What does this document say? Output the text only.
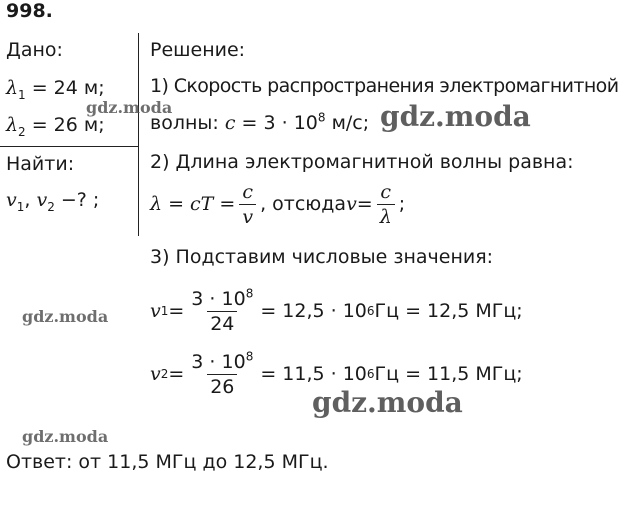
998.
Дано:
$\lambda_1 = 24$ м;
$\lambda_2 = 26$ м;
Найти:
$v_1$, $v_2$ −? ;
Решение:
1) Скорость распространения электромагнитной
волны: $c = 3 \cdot 10^8$ м/с;
2) Длина электромагнитной волны равна:
λ = cT = $\frac{c}{v}$ , отсюда $v = \frac{c}{\lambda}$ ;
3) Подставим числовые значения:
v $1 = \frac{3 \cdot 10^8}{24} = 12,5 \cdot 10$ 6 Гц = 12,5 МГц;
v $2 = \frac{3 \cdot 10^8}{26} = 11,5 \cdot 10$ 6 Гц = 11,5 МГц;
Ответ: от 11,5 МГц до 12,5 МГц.
gdz.moda	gdz.moda
gdz.moda
gdz.moda
gdz.moda
